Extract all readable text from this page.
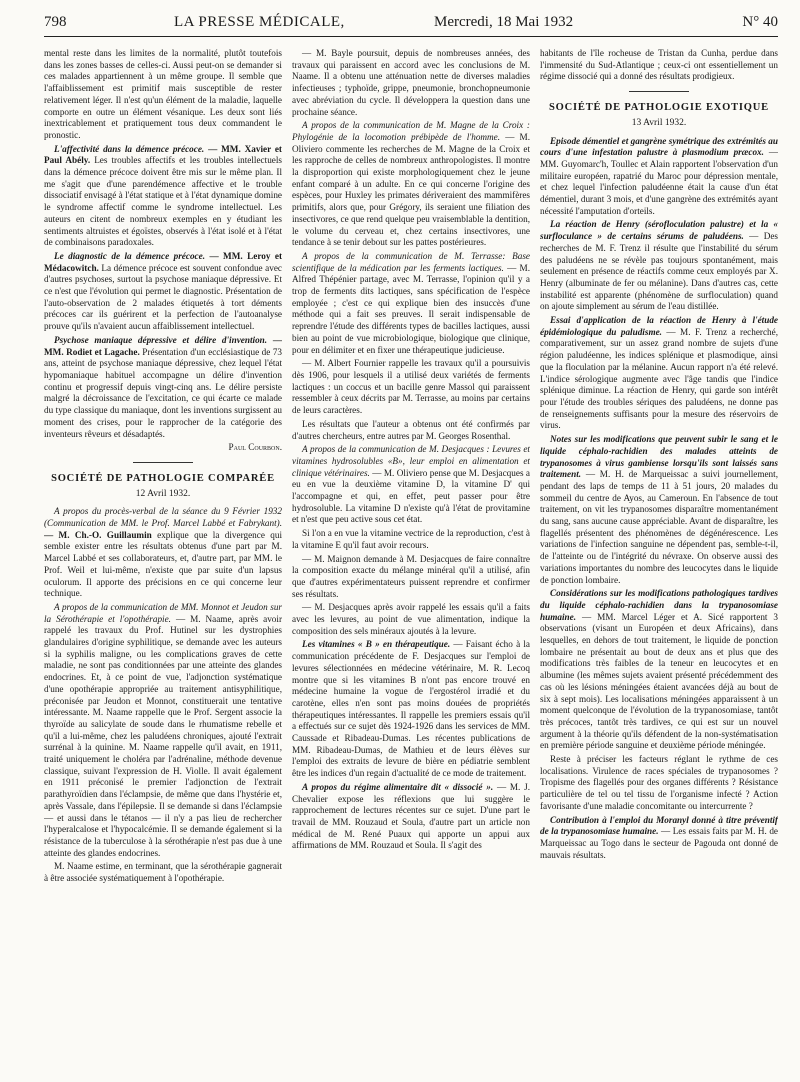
798	LA PRESSE MÉDICALE,	Mercredi, 18 Mai 1932	N° 40

mental reste dans les limites de la normalité, plutôt toutefois dans les zones basses de celles-ci. Aussi peut-on se demander si ces malades appartiennent à un même groupe. Il semble que l'affaiblissement est primitif mais susceptible de rester relativement léger. Il n'est qu'un élément de la maladie, laquelle comporte en outre un élément vésanique. Les deux sont liés inextricablement et pratiquement tous deux commandent le pronostic.

L'affectivité dans la démence précoce. — MM. Xavier et Paul Abély. Les troubles affectifs et les troubles intellectuels dans la démence précoce doivent être mis sur le même plan. Il me s'agit que d'une parendémence affective et le trouble dissociatif envisagé à l'état statique et à l'état dynamique domine le syndrome affectif comme le syndrome intellectuel. Les auteurs en citent de nombreux exemples en y étudiant les sentiments altruistes et égoïstes, observés à l'état isolé et à l'état de combinaisons paradoxales.

Le diagnostic de la démence précoce. — MM. Leroy et Médacowitch. La démence précoce est souvent confondue avec d'autres psychoses, surtout la psychose maniaque dépressive. Et ce n'est que l'évolution qui permet le diagnostic. Présentation de l'auto-observation de 2 malades étiquetés à tort déments précoces car ils guérirent et la perfection de l'autoanalyse prouve qu'ils n'avaient aucun affaiblissement intellectuel.

Psychose maniaque dépressive et délire d'invention. — MM. Rodiet et Lagache. Présentation d'un ecclésiastique de 73 ans, atteint de psychose maniaque dépressive, chez lequel l'état hypomaniaque habituel accompagne un délire d'invention continu et progressif depuis vingt-cinq ans. Le délire persiste malgré la décroissance de l'excitation, ce qui écarte ce malade du type classique du maniaque, dont les inventions surgissent au moment des crises, pour le rapprocher de la catégorie des inventeurs rêveurs et désadaptés.

Paul Courbon.
SOCIÉTÉ DE PATHOLOGIE COMPARÉE
12 Avril 1932.

A propos du procès-verbal de la séance du 9 Février 1932 (Communication de MM. le Prof. Marcel Labbé et Fabrykant). — M. Ch.-O. Guillaumin explique que la divergence qui semble exister entre les résultats obtenus d'une part par M. Marcel Labbé et ses collaborateurs, et, d'autre part, par MM. le Prof. Weil et lui-même, n'existe que par suite d'un lapsus oculorum. Il apporte des précisions en ce qui concerne leur technique.

A propos de la communication de MM. Monnot et Jeudon sur la Sérothérapie et l'opothérapie. — M. Naame, après avoir rappelé les travaux du Prof. Hutinel sur les dystrophies glandulaires d'origine syphilitique, se demande avec les auteurs si la syphilis maligne, ou les complications graves de cette maladie, ne sont pas conditionnées par une atteinte des glandes endocrines. Et, à ce point de vue, l'adjonction systématique d'une opothérapie appropriée au traitement antisyphilitique, préconisée par Jeudon et Monnot, constituerait une tentative intéressante. M. Naame rappelle que le Prof. Sergent associe la thyroïde au salicylate de soude dans le rhumatisme rebelle et qu'il a lui-même, chez les paludéens chroniques, ajouté l'extrait surrénal à la quinine. M. Naame rappelle qu'il avait, en 1911, traité uniquement le choléra par l'adrénaline, méthode devenue classique, suivant l'expression de H. Violle. Il avait également en 1911 préconisé le premier l'adjonction de l'extrait parathyroïdien dans l'éclampsie, de même que dans l'hystérie et, après Vassale, dans l'épilepsie. Il se demande si dans l'éclampsie — et aussi dans le tétanos — il n'y a pas lieu de rechercher l'hyperalcalose et l'hypocalcémie. Il se demande également si la résistance de la tuberculose à la sérothérapie n'est pas due à une atteinte des glandes endocrines.

M. Naame estime, en terminant, que la sérothérapie gagnerait à être associée systématiquement à l'opothérapie.

— M. Bayle poursuit, depuis de nombreuses années, des travaux qui paraissent en accord avec les conclusions de M. Naame. Il a obtenu une atténuation nette de diverses maladies infectieuses ; typhoïde, grippe, pneumonie, bronchopneumonie avec abréviation du cycle. Il développera la question dans une prochaine séance.

A propos de la communication de M. Magne de la Croix : Phylogénie de la locomotion prébipède de l'homme. — M. Oliviero commente les recherches de M. Magne de la Croix et les rapproche de celles de nombreux anthropologistes. Il montre la disproportion qui existe morphologiquement chez le jeune enfant comparé à un adulte. En ce qui concerne l'origine des espèces, pour Huxley les primates dériveraient des mammifères primitifs, alors que, pour Grégory, ils seraient une filiation des insectivores, ce que rend quelque peu vraisemblable la dentition, le volume du cerveau et, chez certains insectivores, une tendance à se tenir debout sur les pattes postérieures.

A propos de la communication de M. Terrasse: Base scientifique de la médication par les ferments lactiques. — M. Alfred Thépénier partage, avec M. Terrasse, l'opinion qu'il y a trop de ferments dits lactiques, sans spécification de l'espèce employée ; c'est ce qui explique bien des insuccès d'une méthode qui a fait ses preuves. Il serait indispensable de reprendre l'étude des différents types de bacilles lactiques, aussi bien au point de vue microbiologique, biologique que clinique, pour en délimiter et en fixer une thérapeutique judicieuse.

— M. Albert Fournier rappelle les travaux qu'il a poursuivis dès 1906, pour lesquels il a utilisé deux variétés de ferments lactiques : un coccus et un bacille genre Massol qui paraissent ressembler à ceux décrits par M. Terrasse, au moins par certains de leurs caractères.

Les résultats que l'auteur a obtenus ont été confirmés par d'autres chercheurs, entre autres par M. Georges Rosenthal.

A propos de la communication de M. Desjacques : Levures et vitamines hydrosolubles «B», leur emploi en alimentation et clinique vétérinaires. — M. Oliviero pense que M. Desjacques a eu en vue la deuxième vitamine D, la vitamine D' qui l'accompagne et qui, en effet, peut passer pour être hydrosoluble. La vitamine D n'existe qu'à l'état de provitamine et n'est que peu active sous cet état.

Si l'on a en vue la vitamine vectrice de la reproduction, c'est à la vitamine E qu'il faut avoir recours.

— M. Maignon demande à M. Desjacques de faire connaître la composition exacte du mélange minéral qu'il a utilisé, afin que d'autres expérimentateurs puissent reprendre et confirmer ses résultats.

— M. Desjacques après avoir rappelé les essais qu'il a faits avec les levures, au point de vue alimentation, indique la composition des sels minéraux ajoutés à la levure.

Les vitamines « B » en thérapeutique. — Faisant écho à la communication précédente de F. Desjacques sur l'emploi de levures sélectionnées en médecine vétérinaire, M. R. Lecoq montre que si les vitamines B n'ont pas encore trouvé en médecine humaine la vogue de l'ergostérol irradié et du carotène, elles n'en sont pas moins douées de propriétés thérapeutiques intéressantes. Il rappelle les premiers essais qu'il a effectués sur ce sujet dès 1924-1926 dans les services de MM. Caussade et Ribadeau-Dumas. Les récentes publications de MM. Ribadeau-Dumas, de Mathieu et de leurs élèves sur l'emploi des extraits de levure de bière en pédiatrie semblent être les indices d'un regain d'actualité de ce mode de traitement.

A propos du régime alimentaire dit « dissocié ». — M. J. Chevalier expose les réflexions que lui suggère le rapprochement de lectures récentes sur ce sujet. D'une part le travail de MM. Rouzaud et Soula, d'autre part un article non médical de M. René Puaux qui apporte un appui aux affirmations de MM. Rouzaud et Soula. Il s'agit des

habitants de l'île rocheuse de Tristan da Cunha, perdue dans l'immensité du Sud-Atlantique ; ceux-ci ont essentiellement un régime dissocié qui a donné des résultats prodigieux.

SOCIÉTÉ DE PATHOLOGIE EXOTIQUE
13 Avril 1932.

Episode démentiel et gangrène symétrique des extrémités au cours d'une infestation palustre à plasmodium præcox. — MM. Guyomarc'h, Toullec et Alain rapportent l'observation d'un militaire européen, rapatrié du Maroc pour dépression mentale, et chez lequel l'infection paludéenne était la cause d'un état démentiel, durant 3 mois, et d'une gangrène des extrémités ayant nécessité l'amputation d'orteils.

La réaction de Henry (sérofloculation palustre) et la « surfloculance » de certains sérums de paludéens. — Des recherches de M. F. Trenz il résulte que l'instabilité du sérum des paludéens ne se révèle pas toujours spontanément, mais seulement en présence de réactifs comme ceux employés par X. Henry (albuminate de fer ou mélanine). Dans d'autres cas, cette instabilité est apparente (phénomène de surfloculation) quand on ajoute simplement au sérum de l'eau distillée.

Essai d'application de la réaction de Henry à l'étude épidémiologique du paludisme. — M. F. Trenz a recherché, comparativement, sur un assez grand nombre de sujets d'une région paludéenne, les indices splénique et plasmodique, ainsi que la floculation par la mélanine. Aucun rapport n'a été relevé. L'indice sérologique augmente avec l'âge tandis que l'indice splénique diminue. La réaction de Henry, qui garde son intérêt pour l'étude des troubles sériques des paludéens, ne donne pas de renseignements suffisants pour la mesure des réservoirs de virus.

Notes sur les modifications que peuvent subir le sang et le liquide céphalo-rachidien des malades atteints de trypanosomes à virus gambiense lorsqu'ils sont laissés sans traitement. — M. H. de Marqueissac a suivi journellement, pendant des laps de temps de 11 à 51 jours, 20 malades du sommeil du centre de Ayos, au Cameroun. En l'absence de tout traitement, on vit les trypanosomes disparaître momentanément du sang, sans aucune cause appréciable. Avant de disparaître, les flagellés présentent des phénomènes de dégénérescence. Les variations de l'infection sanguine ne dépendent pas, semble-t-il, de l'atteinte ou de l'intégrité du névraxe. On observe aussi des variations importantes du nombre des leucocytes dans le liquide de ponction lombaire.

Considérations sur les modifications pathologiques tardives du liquide céphalo-rachidien dans la trypanosomiase humaine. — MM. Marcel Léger et A. Sicé rapportent 3 observations (visant un Européen et deux Africains), dans lesquelles, en dehors de tout traitement, le liquide de ponction lombaire ne présentait au bout de deux ans et plus que des modifications très faibles de la teneur en leucocytes et en albumine (les mêmes sujets avaient présenté précédemment des cas où les lésions méningées étaient avancées déjà au bout de six à sept mois). Les localisations méningées apparaissent à un moment quelconque de l'évolution de la trypanosomiase, tantôt très précoces, tantôt très tardives, ce qui est sur un nouvel argument à la théorie qu'ils défendent de la non-systématisation en première période sanguine et deuxième période méningée.

Reste à préciser les facteurs réglant le rythme de ces localisations. Virulence de races spéciales de trypanosomes ? Tropisme des flagellés pour des organes différents ? Résistance particulière de tel ou tel tissu de l'organisme infecté ? Action favorisante d'une maladie concomitante ou intercurrente ?

Contribution à l'emploi du Moranyl donné à titre préventif de la trypanosomiase humaine. — Les essais faits par M. H. de Marqueissac au Togo dans le secteur de Pagouda ont donné de mauvais résultats.
